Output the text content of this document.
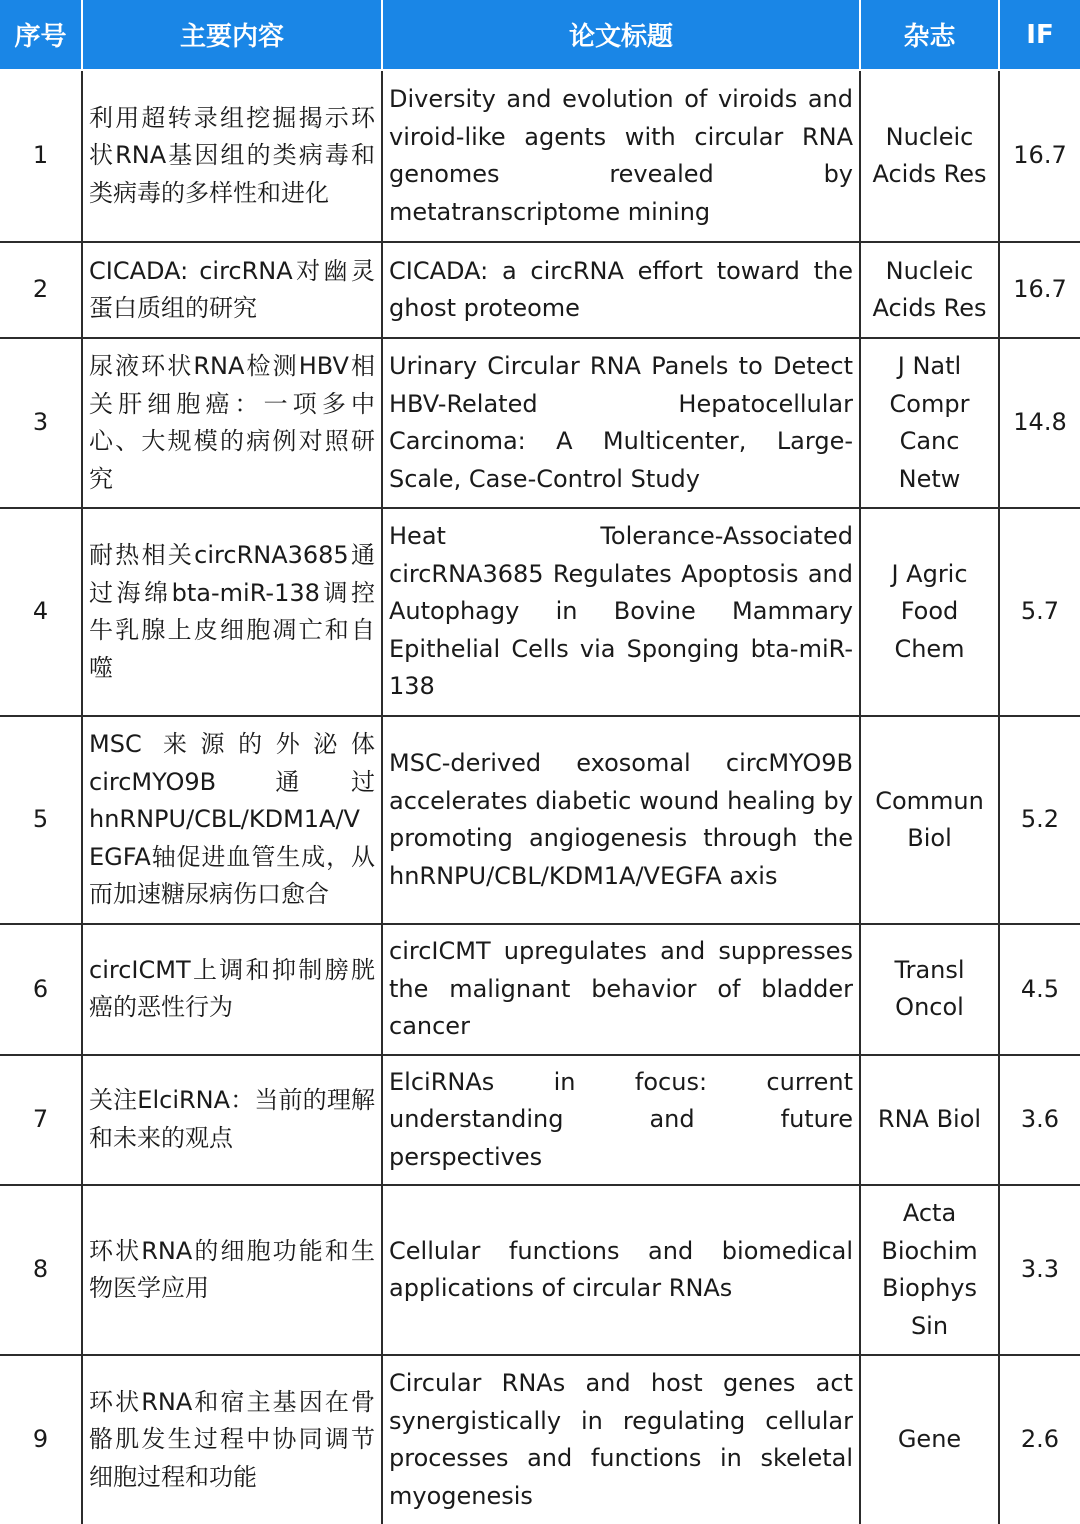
序号	主要内容	论文标题	杂志	IF
1	利用超转录组挖掘揭示环状RNA基因组的类病毒和类病毒的多样性和进化	Diversity and evolution of viroids and viroid-like agents with circular RNA genomes revealed by metatranscriptome mining	Nucleic Acids Res	16.7
2	CICADA: circRNA对幽灵蛋白质组的研究	CICADA: a circRNA effort toward the ghost proteome	Nucleic Acids Res	16.7
3	尿液环状RNA检测HBV相关肝细胞癌：一项多中心、大规模的病例对照研究	Urinary Circular RNA Panels to Detect HBV-Related Hepatocellular Carcinoma: A Multicenter, Large-Scale, Case-Control Study	J Natl Compr Canc Netw	14.8
4	耐热相关circRNA3685通过海绵bta-miR-138调控牛乳腺上皮细胞凋亡和自噬	Heat Tolerance-Associated circRNA3685 Regulates Apoptosis and Autophagy in Bovine Mammary Epithelial Cells via Sponging bta-miR-138	J Agric Food Chem	5.7
5	MSC 来源的外泌体 circMYO9B 通过 hnRNPU/CBL/KDM1A/VEGFA轴促进血管生成，从而加速糖尿病伤口愈合	MSC-derived exosomal circMYO9B accelerates diabetic wound healing by promoting angiogenesis through the hnRNPU/CBL/KDM1A/VEGFA axis	Commun Biol	5.2
6	circICMT上调和抑制膀胱癌的恶性行为	circICMT upregulates and suppresses the malignant behavior of bladder cancer	Transl Oncol	4.5
7	关注ElciRNA：当前的理解和未来的观点	ElciRNAs in focus: current understanding and future perspectives	RNA Biol	3.6
8	环状RNA的细胞功能和生物医学应用	Cellular functions and biomedical applications of circular RNAs	Acta Biochim Biophys Sin	3.3
9	环状RNA和宿主基因在骨骼肌发生过程中协同调节细胞过程和功能	Circular RNAs and host genes act synergistically in regulating cellular processes and functions in skeletal myogenesis	Gene	2.6
